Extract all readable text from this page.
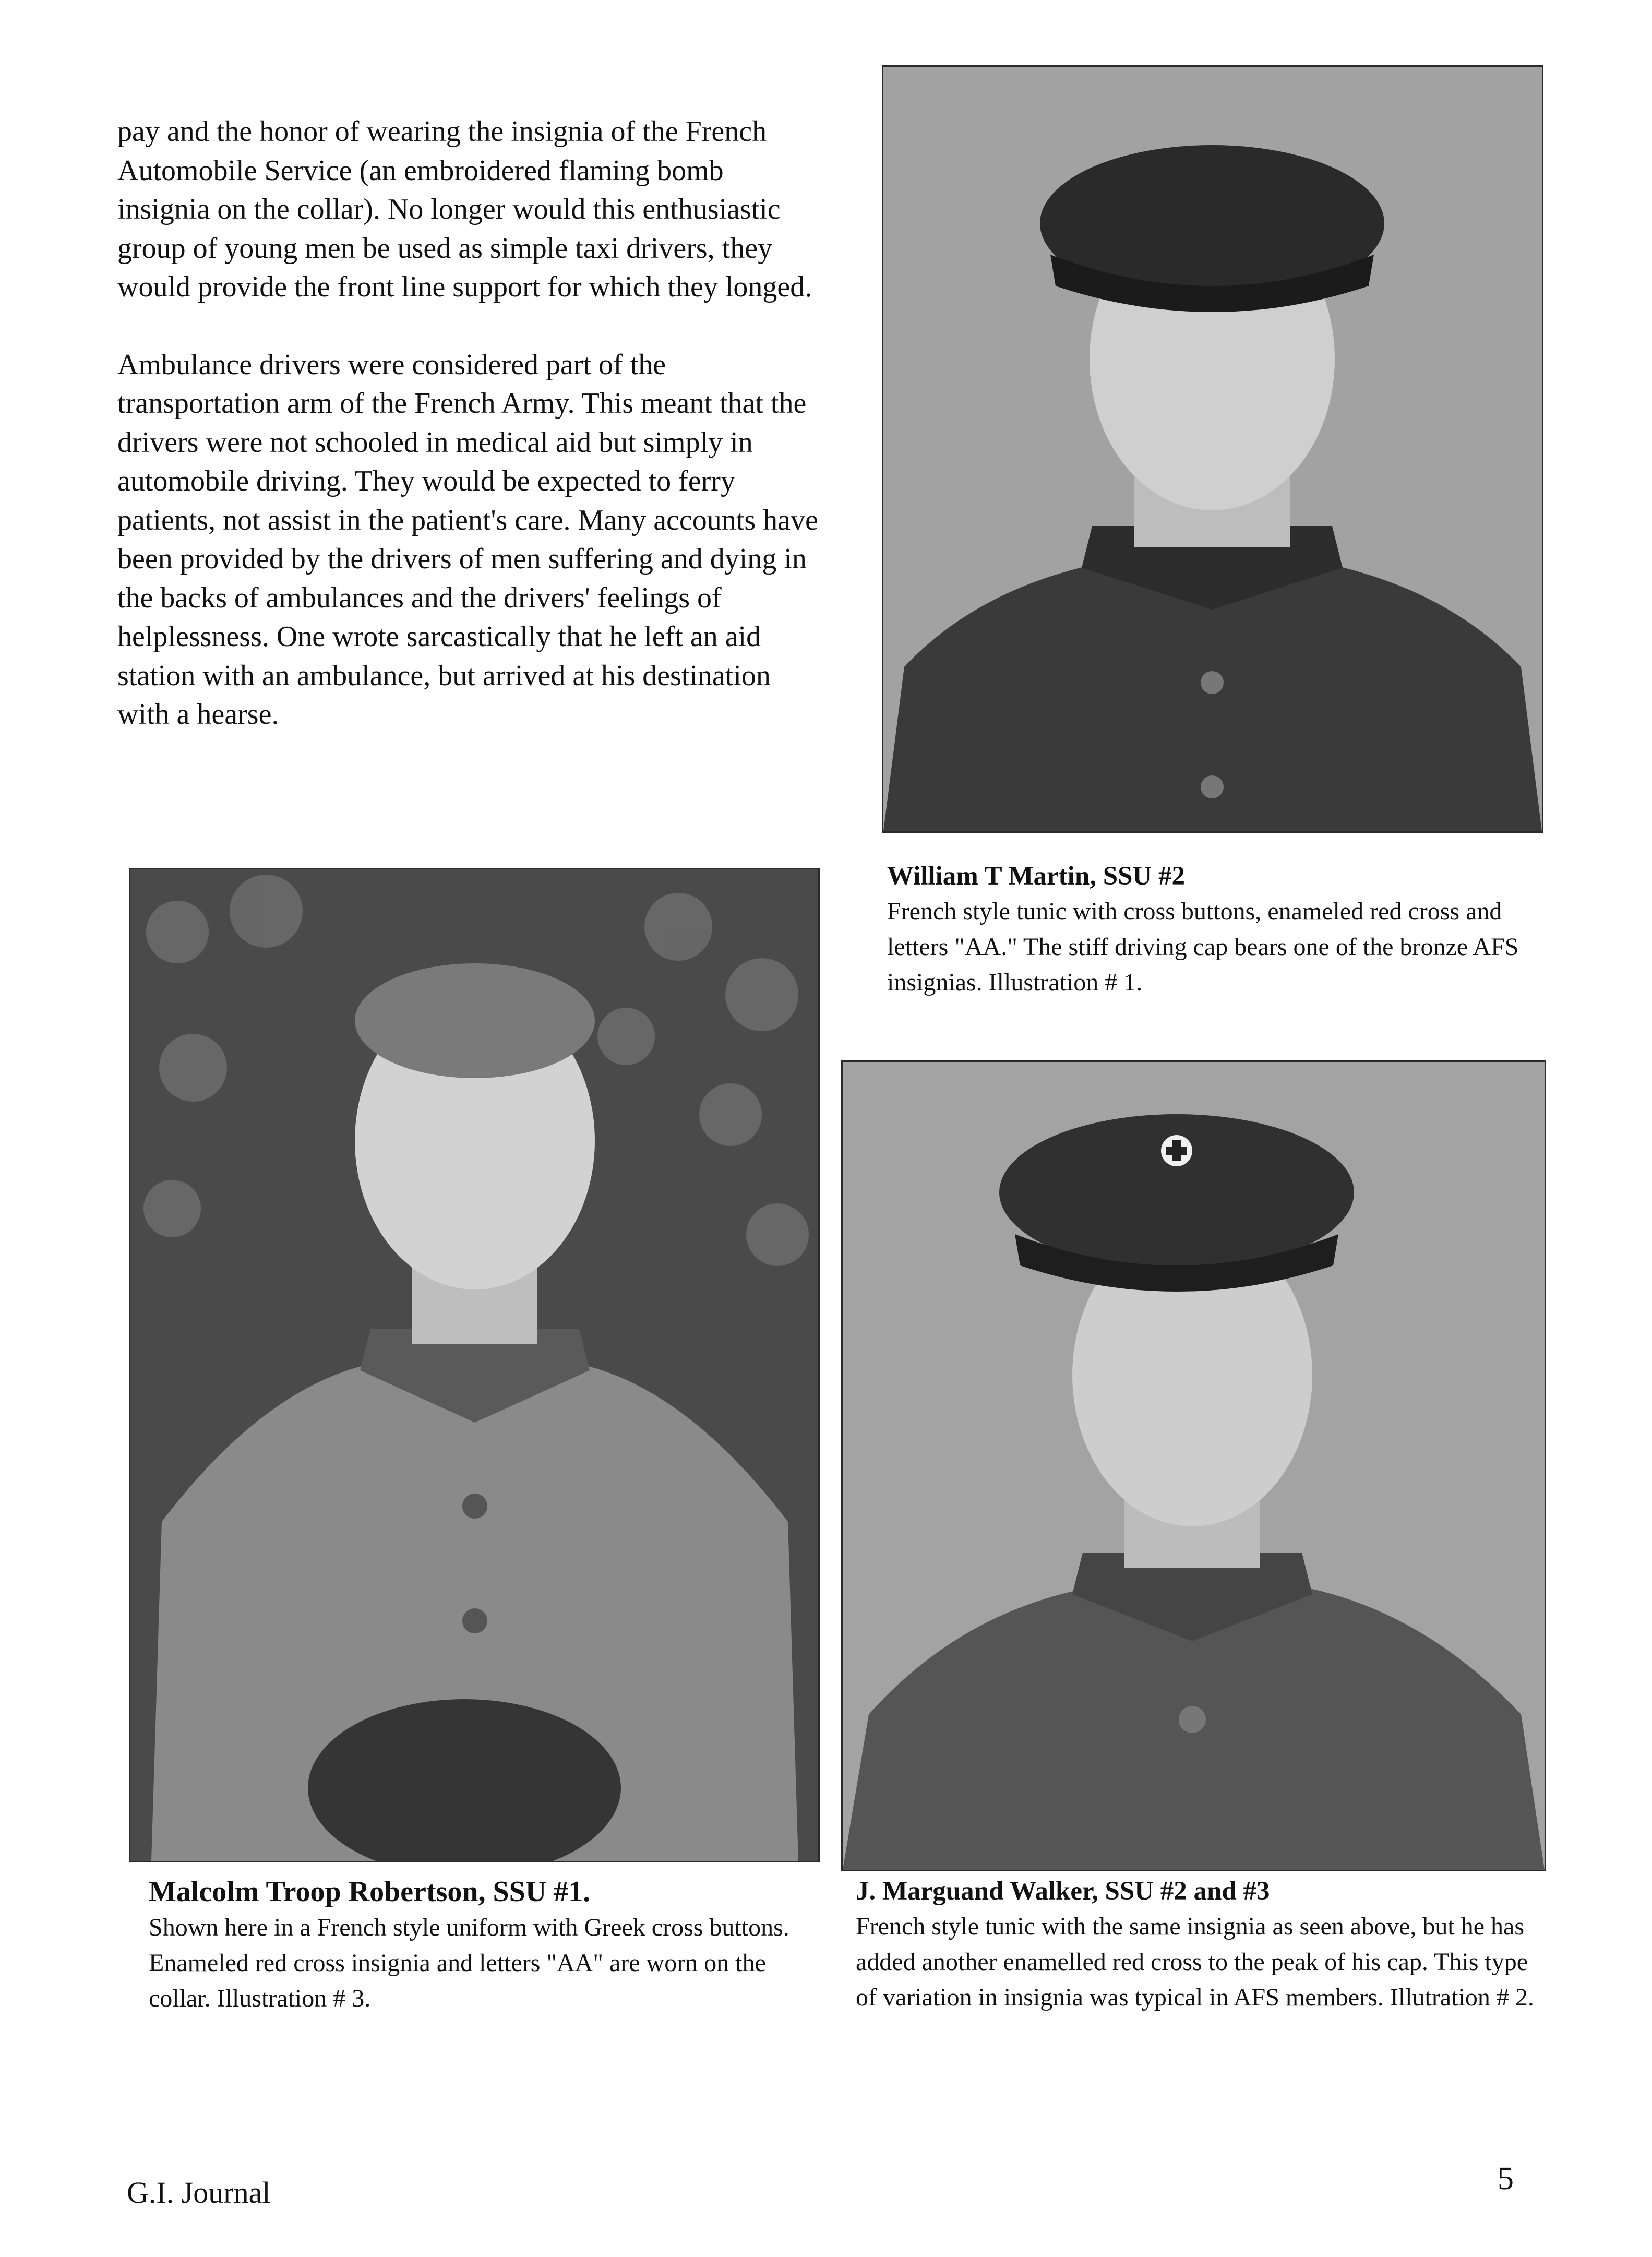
pay and the honor of wearing the insignia of the French Automobile Service (an embroidered flaming bomb insignia on the collar). No longer would this enthusiastic group of young men be used as simple taxi drivers, they would provide the front line support for which they longed.

Ambulance drivers were considered part of the transportation arm of the French Army. This meant that the drivers were not schooled in medical aid but simply in automobile driving. They would be expected to ferry patients, not assist in the patient's care. Many accounts have been provided by the drivers of men suffering and dying in the backs of ambulances and the drivers' feelings of helplessness. One wrote sarcastically that he left an aid station with an ambulance, but arrived at his destination with a hearse.

William T Martin, SSU #2
French style tunic with cross buttons, enameled red cross and letters "AA." The stiff driving cap bears one of the bronze AFS insignias. Illustration # 1.
Malcolm Troop Robertson, SSU #1.
Shown here in a French style uniform with Greek cross buttons. Enameled red cross insignia and letters "AA" are worn on the collar. Illustration # 3.
J. Marguand Walker, SSU #2 and #3
French style tunic with the same insignia as seen above, but he has added another enamelled red cross to the peak of his cap. This type of variation in insignia was typical in AFS members. Illutration # 2.
G.I. Journal	5
